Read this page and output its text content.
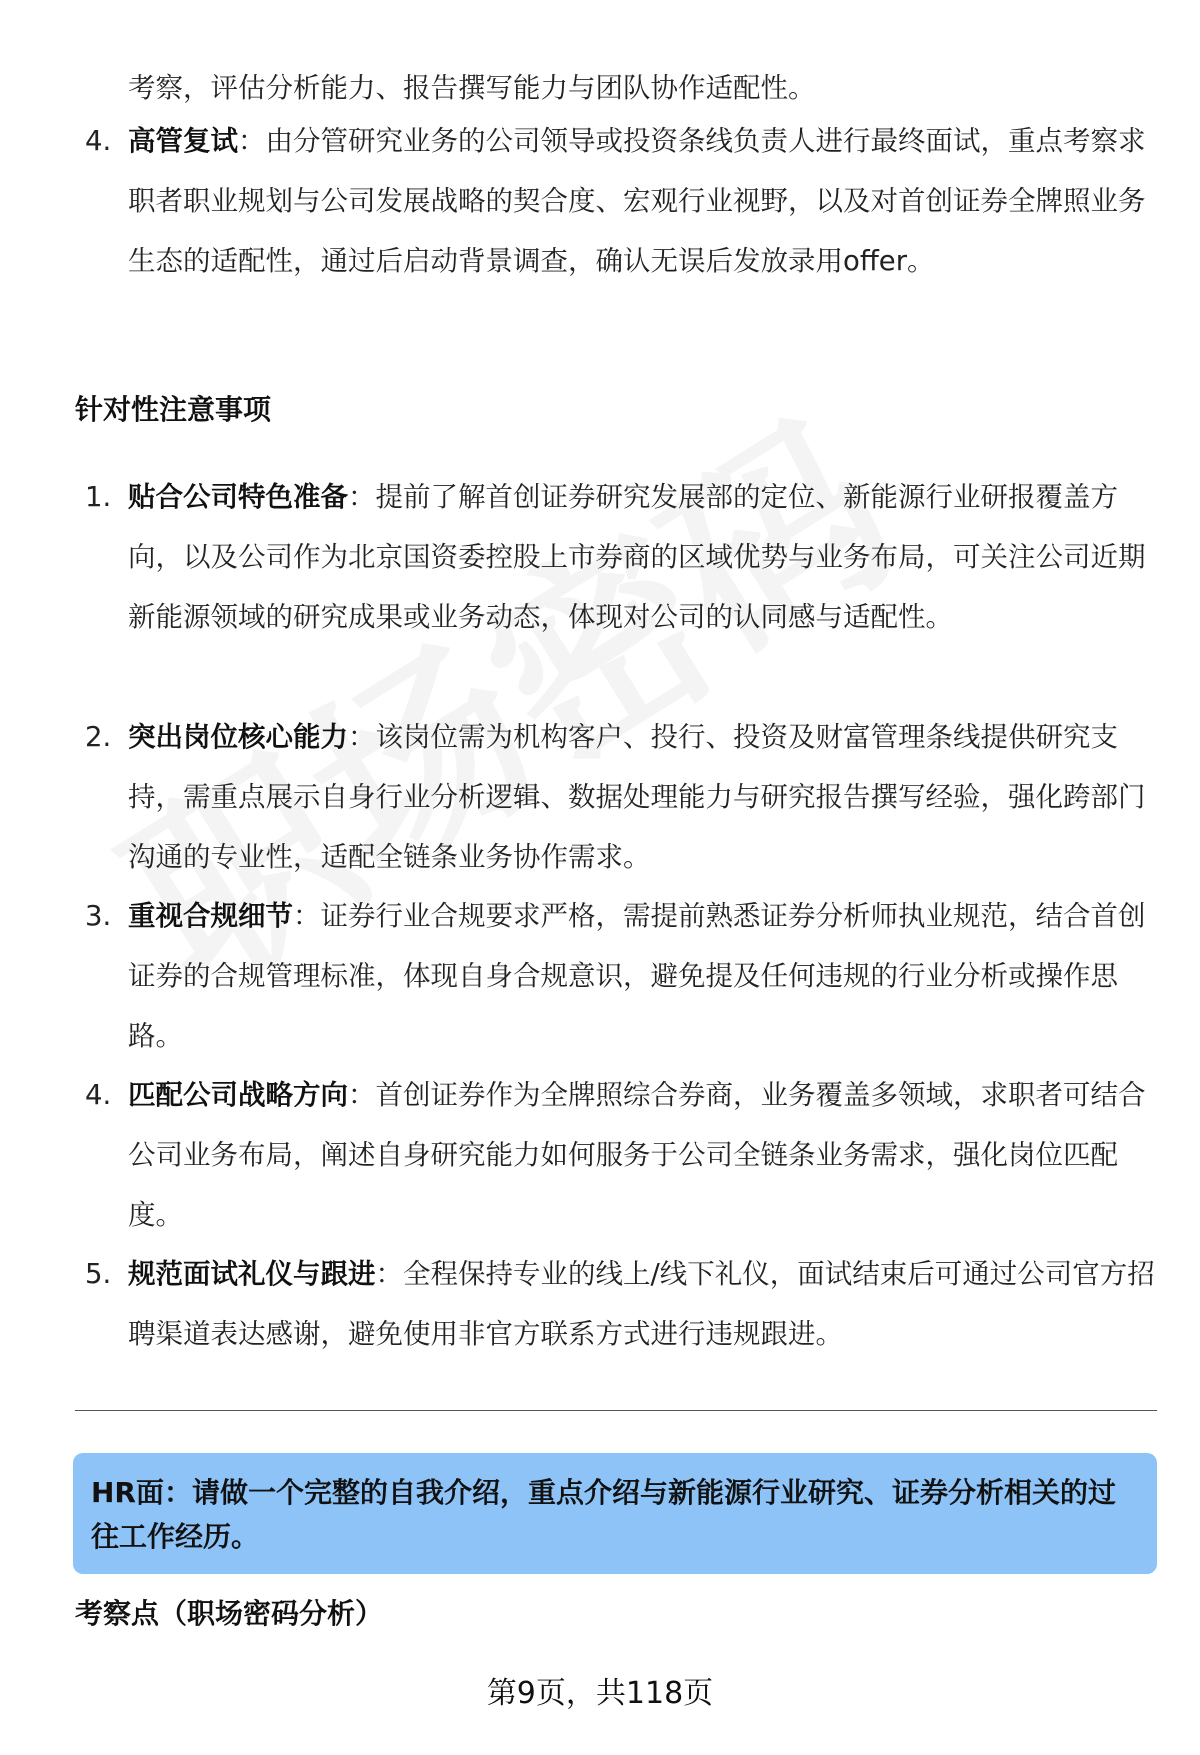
考察，评估分析能力、报告撰写能力与团队协作适配性。
4. 高管复试：由分管研究业务的公司领导或投资条线负责人进行最终面试，重点考察求职者职业规划与公司发展战略的契合度、宏观行业视野，以及对首创证券全牌照业务生态的适配性，通过后启动背景调查，确认无误后发放录用offer。
针对性注意事项
1. 贴合公司特色准备：提前了解首创证券研究发展部的定位、新能源行业研报覆盖方向，以及公司作为北京国资委控股上市券商的区域优势与业务布局，可关注公司近期新能源领域的研究成果或业务动态，体现对公司的认同感与适配性。
2. 突出岗位核心能力：该岗位需为机构客户、投行、投资及财富管理条线提供研究支持，需重点展示自身行业分析逻辑、数据处理能力与研究报告撰写经验，强化跨部门沟通的专业性，适配全链条业务协作需求。
3. 重视合规细节：证券行业合规要求严格，需提前熟悉证券分析师执业规范，结合首创证券的合规管理标准，体现自身合规意识，避免提及任何违规的行业分析或操作思路。
4. 匹配公司战略方向：首创证券作为全牌照综合券商，业务覆盖多领域，求职者可结合公司业务布局，阐述自身研究能力如何服务于公司全链条业务需求，强化岗位匹配度。
5. 规范面试礼仪与跟进：全程保持专业的线上/线下礼仪，面试结束后可通过公司官方招聘渠道表达感谢，避免使用非官方联系方式进行违规跟进。
HR面：请做一个完整的自我介绍，重点介绍与新能源行业研究、证券分析相关的过往工作经历。
考察点（职场密码分析）
第9页，共118页
